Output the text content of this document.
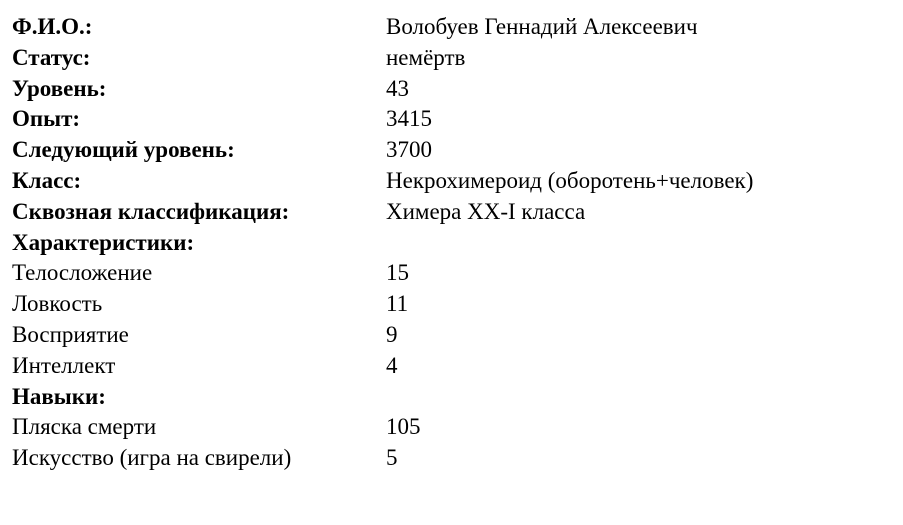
Ф.И.О.:	Волобуев Геннадий Алексеевич
Статус:	немёртв
Уровень:	43
Опыт:	3415
Следующий уровень:	3700
Класс:	Некрохимероид (оборотень+человек)
Сквозная классификация:	Химера XX-I класса
Характеристики:
Телосложение	15
Ловкость	11
Восприятие	9
Интеллект	4
Навыки:
Пляска смерти	105
Искусство (игра на свирели)	5
